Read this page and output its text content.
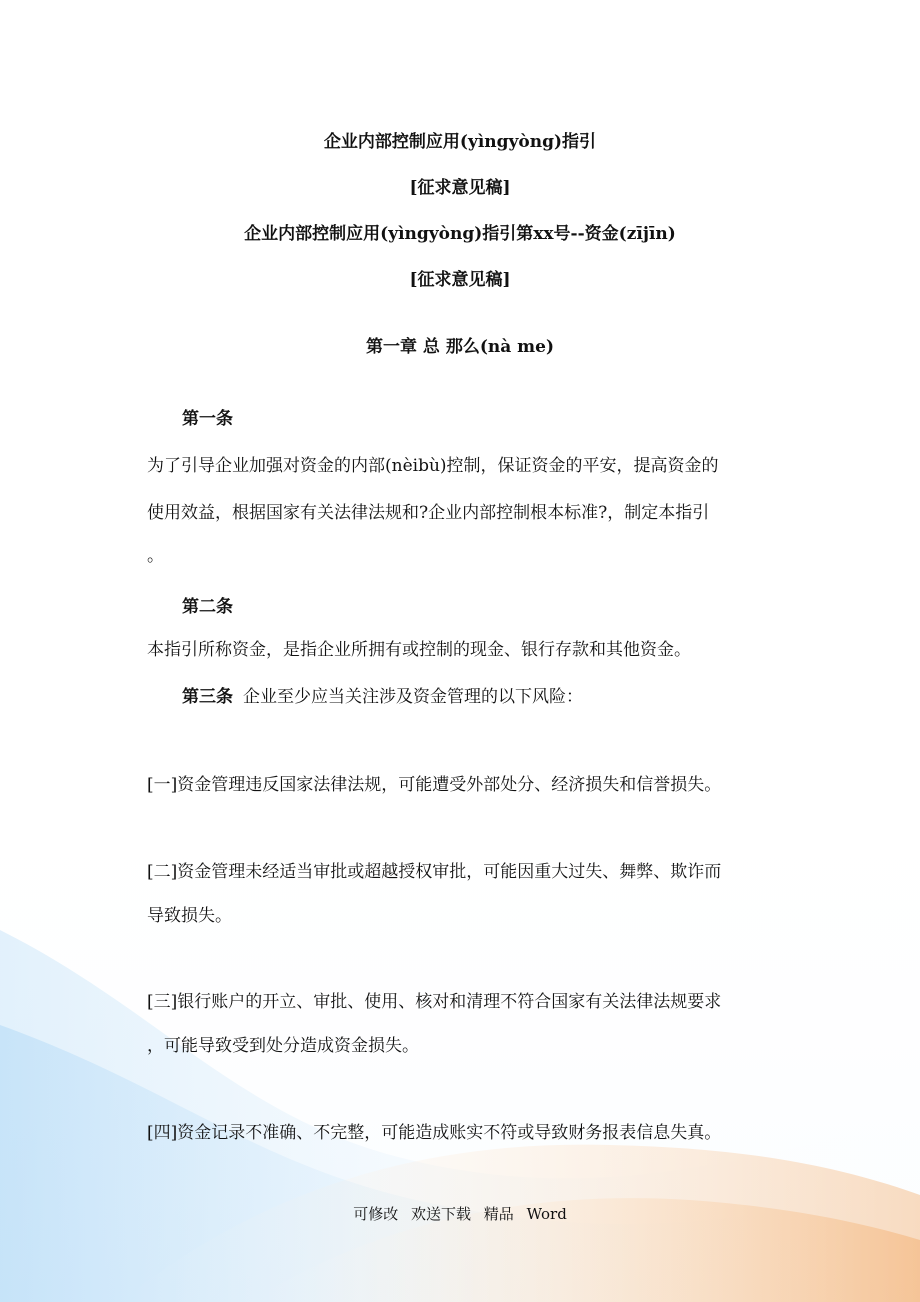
企业内部控制应用(yìngyòng)指引
[征求意见稿]
企业内部控制应用(yìngyòng)指引第xx号--资金(zījīn)
[征求意见稿]
第一章 总 那么(nà me)
第一条
为了引导企业加强对资金的内部(nèibù)控制，保证资金的平安，提高资金的
使用效益，根据国家有关法律法规和?企业内部控制根本标准?，制定本指引
。
第二条
本指引所称资金，是指企业所拥有或控制的现金、银行存款和其他资金。
第三条 企业至少应当关注涉及资金管理的以下风险：
[一]资金管理违反国家法律法规，可能遭受外部处分、经济损失和信誉损失。
[二]资金管理未经适当审批或超越授权审批，可能因重大过失、舞弊、欺诈而
导致损失。
[三]银行账户的开立、审批、使用、核对和清理不符合国家有关法律法规要求
，可能导致受到处分造成资金损失。
[四]资金记录不准确、不完整，可能造成账实不符或导致财务报表信息失真。
可修改 欢送下载 精品 Word
